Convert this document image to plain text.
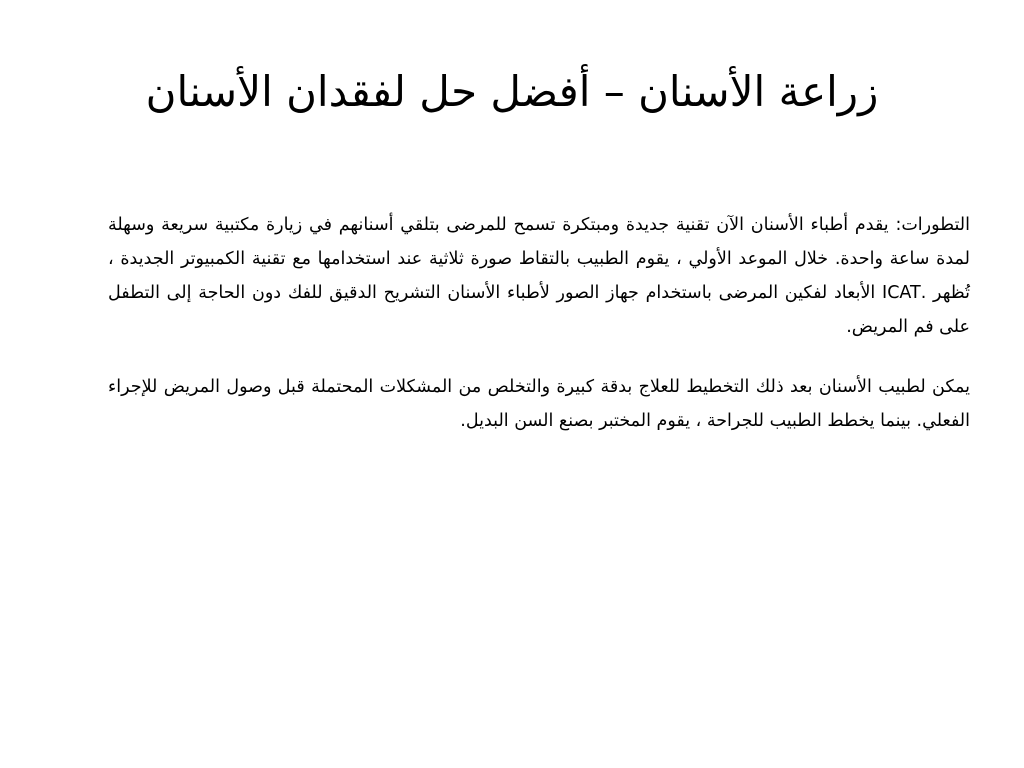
زراعة الأسنان – أفضل حل لفقدان الأسنان

التطورات: يقدم أطباء الأسنان الآن تقنية جديدة ومبتكرة تسمح للمرضى بتلقي أسنانهم في زيارة مكتبية سريعة وسهلة لمدة ساعة واحدة. خلال الموعد الأولي ، يقوم الطبيب بالتقاط صورة ثلاثية عند استخدامها مع تقنية الكمبيوتر الجديدة ، تُظهر .ICAT الأبعاد لفكين المرضى باستخدام جهاز الصور لأطباء الأسنان التشريح الدقيق للفك دون الحاجة إلى التطفل على فم المريض.

يمكن لطبيب الأسنان بعد ذلك التخطيط للعلاج بدقة كبيرة والتخلص من المشكلات المحتملة قبل وصول المريض للإجراء الفعلي. بينما يخطط الطبيب للجراحة ، يقوم المختبر بصنع السن البديل.
